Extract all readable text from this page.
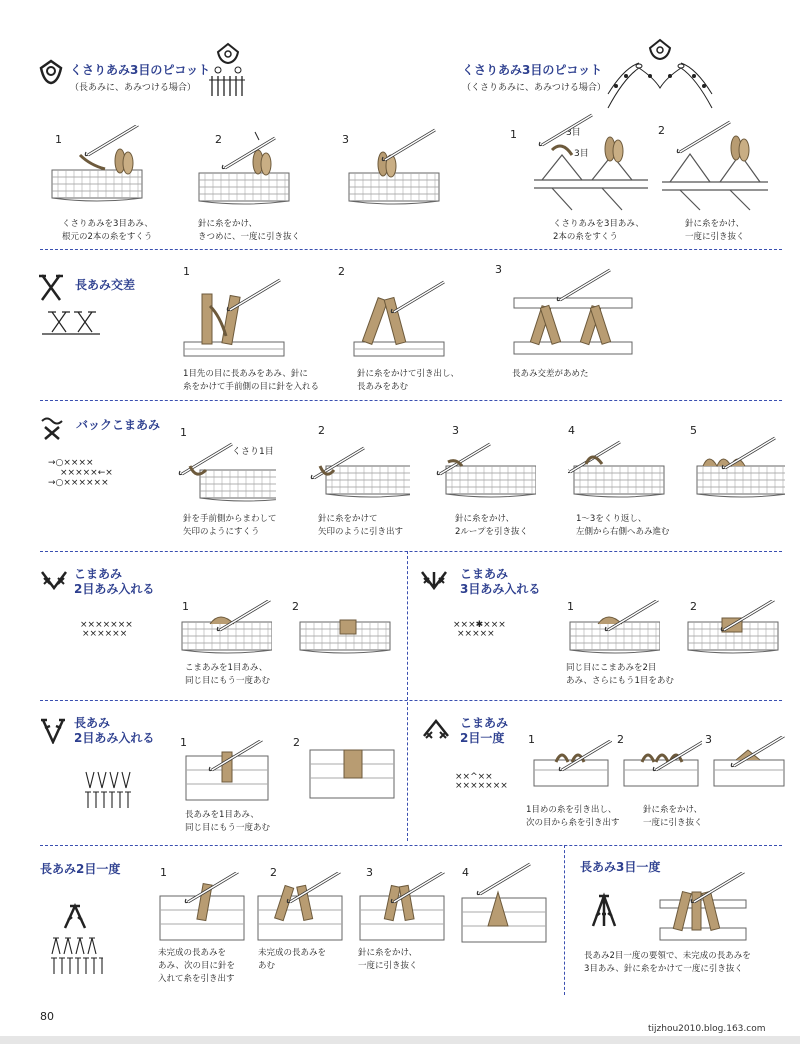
くさりあみ3目のピコット
（長あみに、あみつける場合）
1
くさりあみを3目あみ、
根元の2本の糸をすくう
2
針に糸をかけ、
きつめに、一度に引き抜く
3
くさりあみ3目のピコット
（くさりあみに、あみつける場合）
1	3目
3目
くさりあみを3目あみ、
2本の糸をすくう
2
針に糸をかけ、
一度に引き抜く
長あみ交差
1
1目先の目に長あみをあみ、針に
糸をかけて手前側の目に針を入れる
2
針に糸をかけて引き出し、
長あみをあむ
3
長あみ交差があめた
バックこまあみ
→○××××
×××××←×
→○××××××
1
くさり1目
針を手前側からまわして
矢印のようにすくう
2
針に糸をかけて
矢印のように引き出す
3
針に糸をかけ、
2ループを引き抜く
4
1～3をくり返し、
左側から右側へあみ進む
5
こまあみ
2目あみ入れる
×××××××
××××××
1
こまあみを1目あみ、
同じ目にもう一度あむ
2
こまあみ
3目あみ入れる
×××✱×××
×××××
1
同じ目にこまあみを2目
あみ、さらにもう1目をあむ
2
長あみ
2目あみ入れる 1
長あみを1目あみ、
同じ目にもう一度あむ
2
こまあみ
2目一度
××^××
×××××××
1
1目めの糸を引き出し、
次の目から糸を引き出す
2
針に糸をかけ、
一度に引き抜く
3
長あみ2目一度	1
未完成の長あみを
あみ、次の目に針を
入れて糸を引き出す
2
未完成の長あみを
あむ
3
針に糸をかけ、
一度に引き抜く
4	長あみ3目一度
長あみ2目一度の要領で、未完成の長あみを
3目あみ、針に糸をかけて一度に引き抜く
80
tijzhou2010.blog.163.com
